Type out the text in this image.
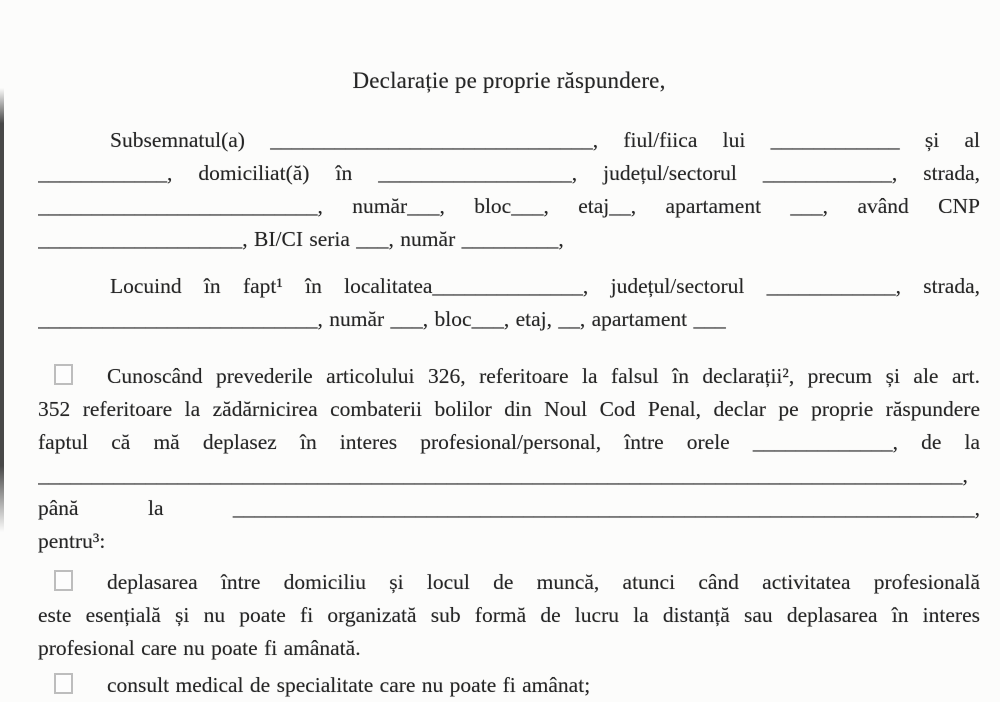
Declarație pe proprie răspundere,
Subsemnatul(a) ______________________________, fiul/fiica lui ____________ și al
____________, domiciliat(ă) în __________________, județul/sectorul ____________, strada,
__________________________, număr___, bloc___, etaj__, apartament ___, având CNP
___________________, BI/CI seria ___, număr _________,
Locuind în fapt¹ în localitatea______________, județul/sectorul ____________, strada,
__________________________, număr ___, bloc___, etaj, __, apartament ___
Cunoscând prevederile articolului 326, referitoare la falsul în declarații², precum și ale art.
352 referitoare la zădărnicirea combaterii bolilor din Noul Cod Penal, declar pe proprie răspundere
faptul că mă deplasez în interes profesional/personal, între orele _____________, de la
______________________________________________________________________________________,
până la _____________________________________________________________________,
pentru³:
deplasarea între domiciliu și locul de muncă, atunci când activitatea profesională
este esențială și nu poate fi organizată sub formă de lucru la distanță sau deplasarea în interes
profesional care nu poate fi amânată.
consult medical de specialitate care nu poate fi amânat;
